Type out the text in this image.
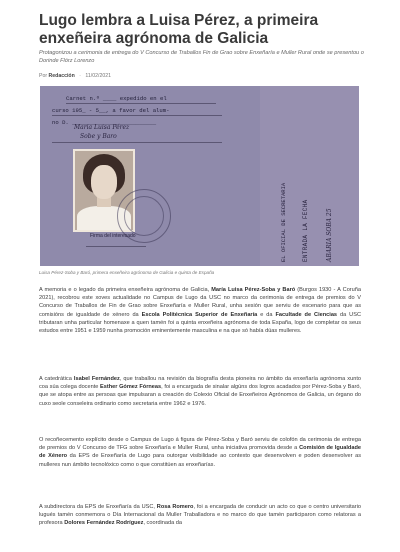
Lugo lembra a Luisa Pérez, a primeira enxeñeira agrónoma de Galicia

Protagonizou a cerimonia de entrega do V Concurso de Traballos Fin de Grao sobre Enxeñaría e Muller Rural onde se presentou o Dorinde Flórz Lorenzo

Por Redacción - 11/02/2021
Carnet n.º ____ expedido en el
curso 195_ - 5__, a favor del alum-
no D. _________________________
Maria Luisa Pérez
Sobe y Baro
Firma del interesado	EL OFICIAL DE SECRETARIA	ENTRADA LA FECHA	ABARIA SOBA 25
Luisa Pérez-Soba y Baró, primera enxeñeira agrónoma de Galicia e quinta de España

A memoria e o legado da primeira enxeñeira agrónoma de Galicia, María Luisa Pérez-Soba y Baró (Burgos 1930 - A Coruña 2021), recobrou este xoves actualidade no Campus de Lugo da USC no marco da cerimonia de entrega de premios do V Concurso de Traballos de Fin de Grao sobre Enxeñaría e Muller Rural, unha sesión que serviu de escenario para que as comisións de igualdade de xénero da Escola Politécnica Superior de Enxeñaría e da Facultade de Ciencias da USC tributaran unha particular homenaxe a quen tamén foi a quinta enxeñeira agrónoma de toda España, logo de completar os seus estudos entre 1951 e 1959 nunha promoción eminentemente masculina e na que só había dúas mulleres.

A catedrática Isabel Fernández, que traballou na revisión da biografía desta pioneira no ámbito da enxeñaría agrónoma xunto coa súa colega docente Esther Gómez Fórneas, foi a encargada de sinalar algúns dos logros acadados por Pérez-Soba y Baró, que se atopa entre as persoas que impulsaran a creación do Colexio Oficial de Enxeñeiros Agrónomos de Galicia, un órgano do cuxo seole conseleira ordinario como secretaria entre 1962 e 1976.

O recoñecemento explícito desde o Campus de Lugo á figura de Pérez-Soba y Baró serviu de colofón da cerimonia de entrega de premios do V Concurso de TFG sobre Enxeñaría e Muller Rural, unha iniciativa promovida desde a Comisión de Igualdade de Xénero da EPS de Enxeñaría de Lugo para outorgar visibilidade ao contexto que desenvolven e poden desenvolver as mulleres nun ámbito tecnolóxico como o que constitúen as enxeñarías.

A subdirectora da EPS de Enxeñaría da USC, Rosa Romero, foi a encargada de conducir un acto co que o centro universitario lugués tamén conmemora o Día Internacional da Muller Traballadora e no marco do que tamén participaron como relatoras a profesora Dolores Fernández Rodríguez, coordinada da
